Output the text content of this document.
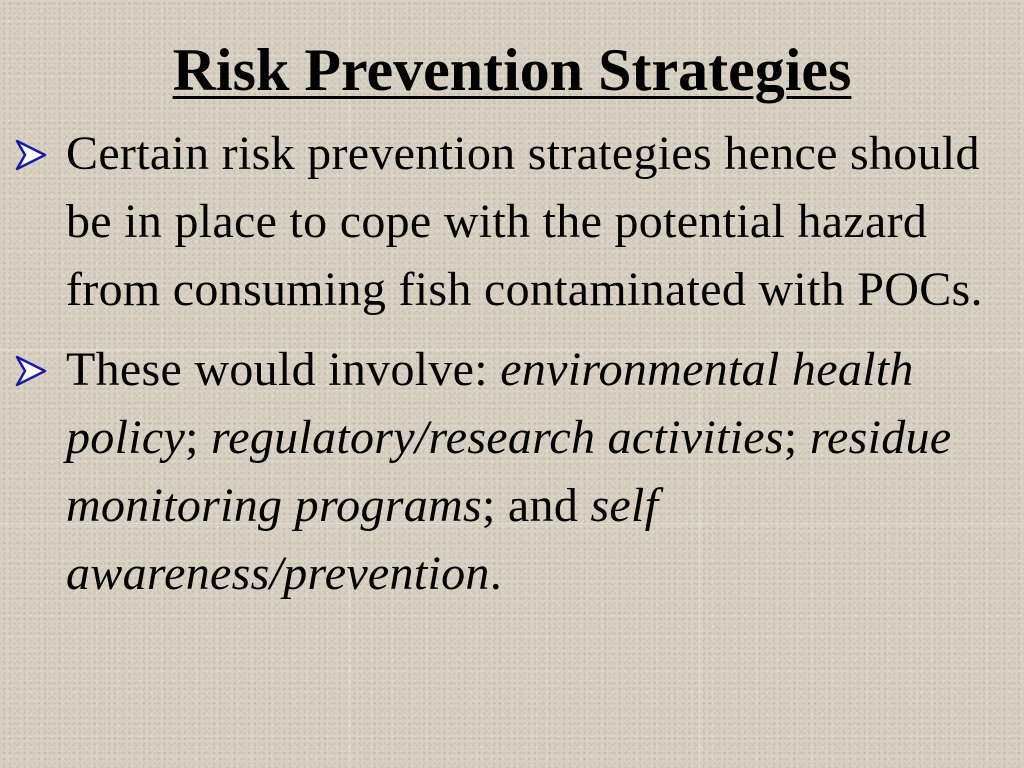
Risk Prevention Strategies
Certain risk prevention strategies hence should be in place to cope with the potential hazard from consuming fish contaminated with POCs.
These would involve: environmental health policy; regulatory/research activities; residue monitoring programs; and self awareness/prevention.
